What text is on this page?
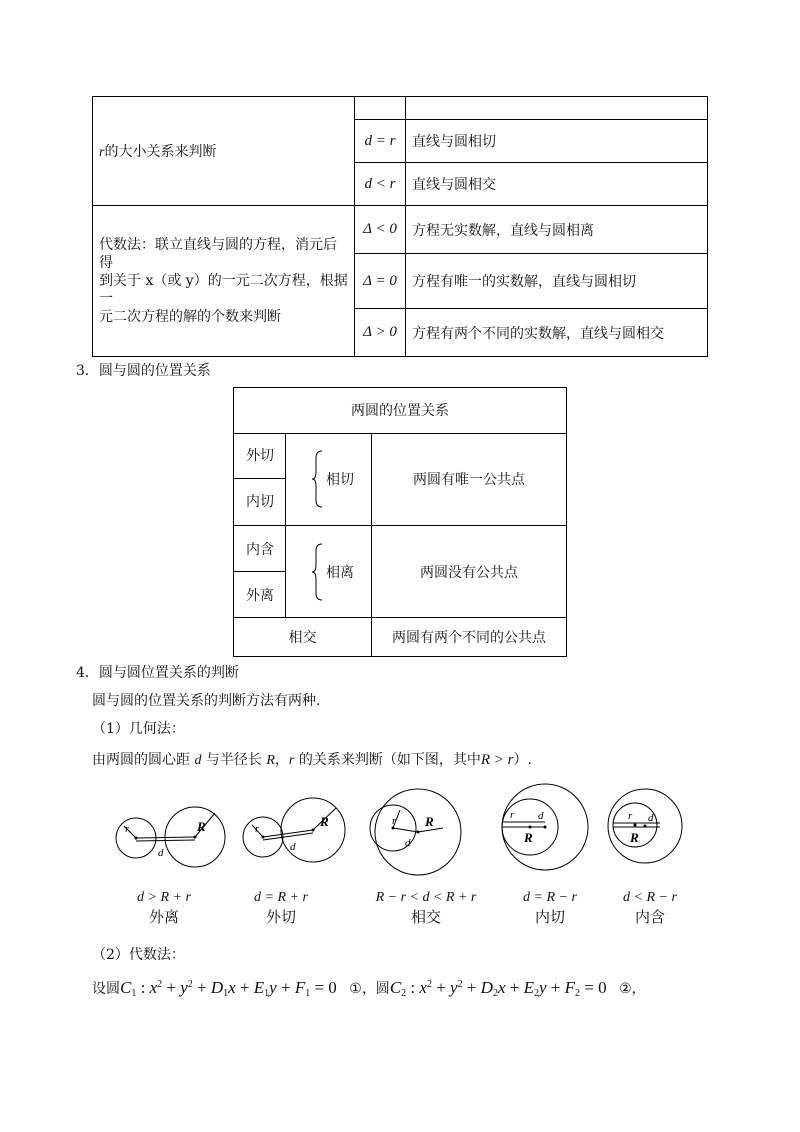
r的大小关系来判断		
	d = r	直线与圆相切
	d < r	直线与圆相交

代数法：联立直线与圆的方程，消元后得
到关于 x（或 y）的一元二次方程，根据一
元二次方程的解的个数来判断	Δ < 0	方程无实数解，直线与圆相离
	Δ = 0	方程有唯一的实数解，直线与圆相切
	Δ > 0	方程有两个不同的实数解，直线与圆相交
3．圆与圆的位置关系
两圆的位置关系
外切
内切
相切	两圆有唯一公共点
内含
外离
相离	两圆没有公共点
相交	两圆有两个不同的公共点
4．圆与圆位置关系的判断
圆与圆的位置关系的判断方法有两种.
（1）几何法：
由两圆的圆心距 d 与半径长 R，r 的关系来判断（如下图，其中R > r）.
r	R
d
r	R
d
r R
d
r d
R
r d
R
d > R + r
外离
d = R + r
外切
R − r < d < R + r
相交
d = R − r
内切
d < R − r
内含
（2）代数法：
设圆$C_1$ : $x^2 + y^2 + D_1x + E_1y + F_1 = 0$ ①，圆$C_2$ : $x^2 + y^2 + D_2x + E_2y + F_2 = 0$ ②，
